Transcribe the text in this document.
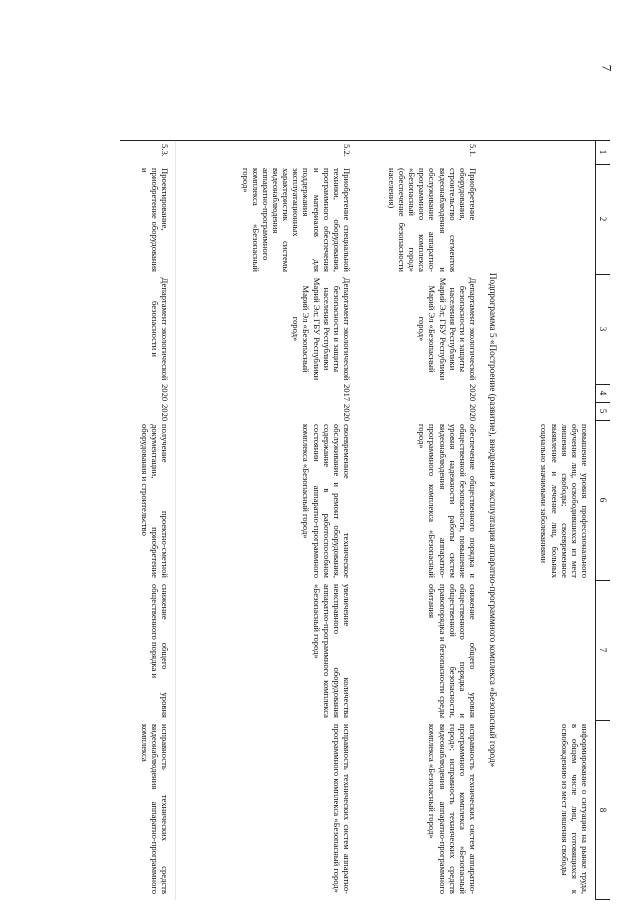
7
1
2
3
4
5
6
7
8
повышение уровня профессионального обучения лиц, освободившихся из мест лишения свободы; своевременное выявление и лечение лиц, больных социально значимыми заболеваниями
информирование о ситуации на рынке труда, в общем числе лиц, готовящихся к освобождению из мест лишения свободы
Подпрограмма 5 «Построение (развитие), внедрение и эксплуатация аппаратно-программного комплекса «Безопасный город»
5.1.
Приобретение оборудования, строительство сегментов видеонаблюдения и обслуживание аппаратно-программного комплекса «Безопасный город» (обеспечение безопасности населения)
Департамент экологической безопасности и защиты населения Республики Марий Эл; ГБУ Республики Марий Эл «Безопасный город»
2020
2020
обеспечение общественного порядка и общественной безопасности, повышение уровня надежности работы систем видеонаблюдения аппаратно-программного комплекса «Безопасный город»
снижение общего уровня общественного порядка и общественной безопасности, правопорядка и безопасности среды обитания
исправность технических систем аппаратно-программного комплекса «Безопасный город»; исправность технических средств видеонаблюдения аппаратно-программного комплекса «Безопасный город»
5.2.
Приобретение специальной техники, оборудования, программного обеспечения и материалов для поддержания эксплуатационных характеристик системы видеонаблюдения аппаратно-программного комплекса «Безопасный город»
Департамент экологической безопасности и защиты населения Республики Марий Эл; ГБУ Республики Марий Эл «Безопасный город»
2017
2020
своевременное техническое обслуживание и ремонт оборудования, содержание в работоспособном состоянии аппаратно-программного комплекса «Безопасный город»
увеличение количества неисправного оборудования аппаратно-программного комплекса «Безопасный город»
исправность технических систем аппаратно-программного комплекса «Безопасный город»
5.3.
Проектирование, приобретение оборудования и
Департамент экологической безопасности и
2020
2020
получение проектно-сметной документации, приобретение оборудования и строительство
снижение общего уровня общественного порядка и
исправность технических средств видеонаблюдения аппаратно-программного комплекса
